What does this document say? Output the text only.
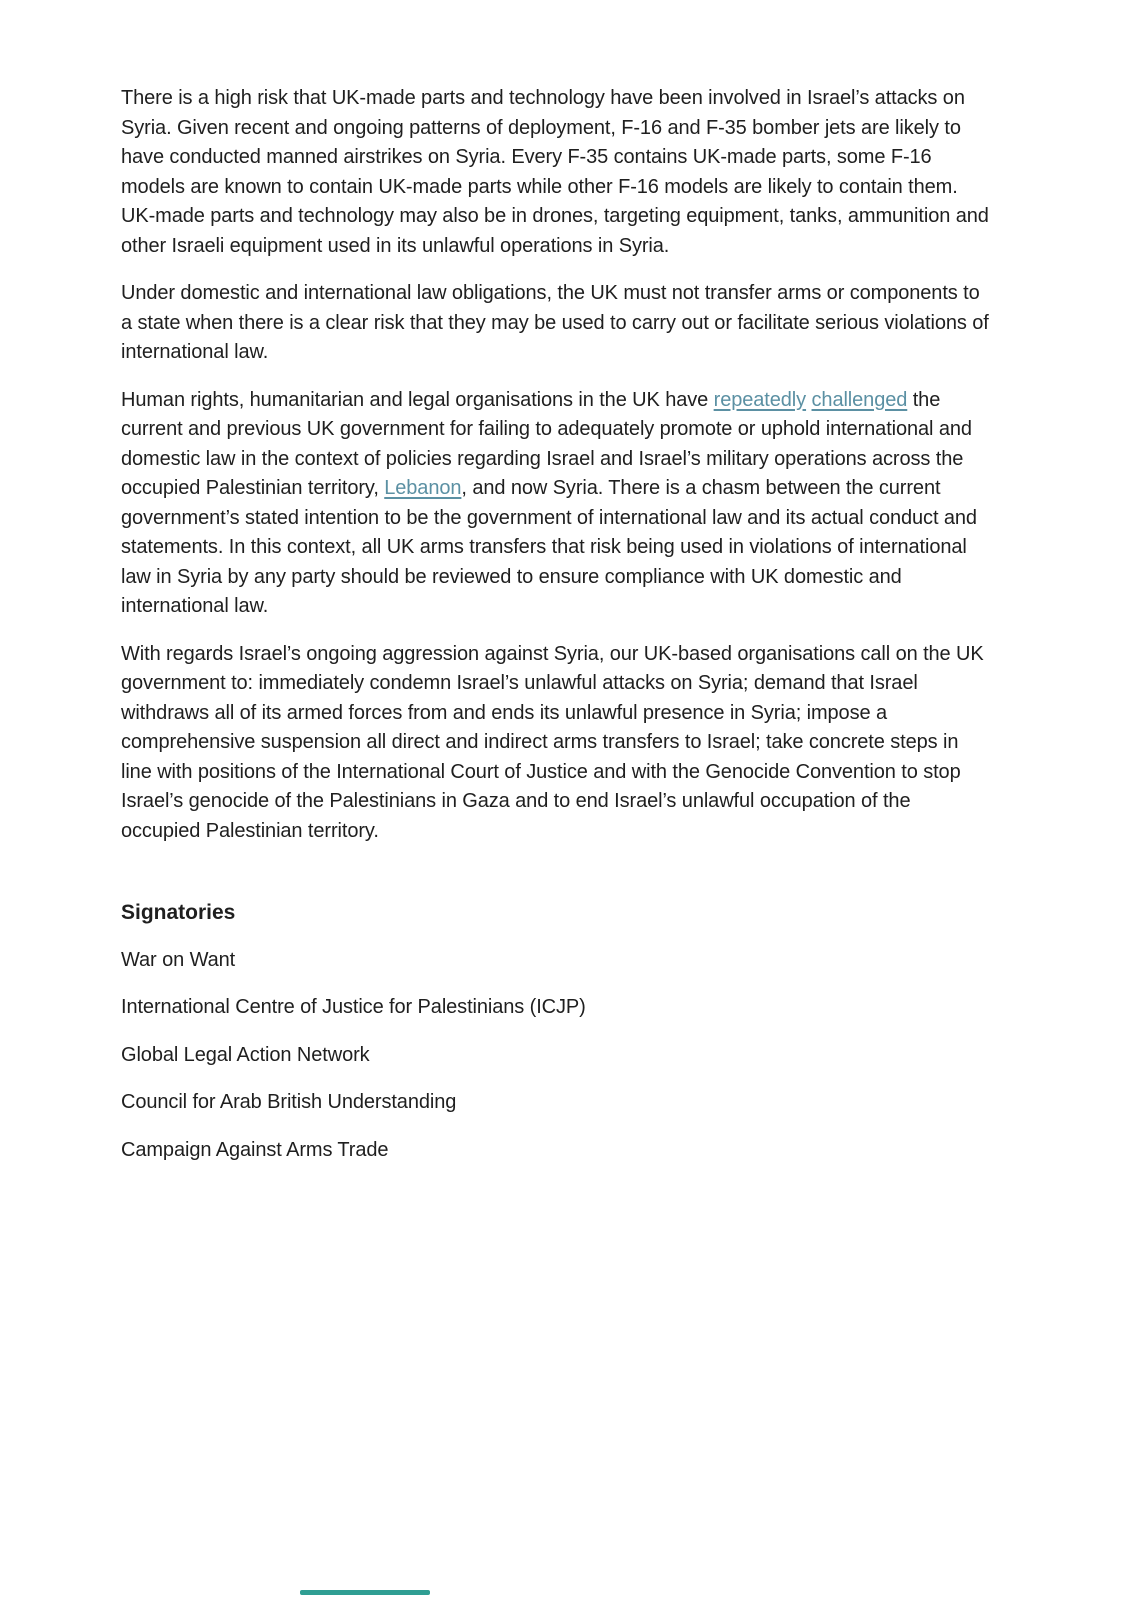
There is a high risk that UK-made parts and technology have been involved in Israel’s attacks on Syria. Given recent and ongoing patterns of deployment, F-16 and F-35 bomber jets are likely to have conducted manned airstrikes on Syria. Every F-35 contains UK-made parts, some F-16 models are known to contain UK-made parts while other F-16 models are likely to contain them. UK-made parts and technology may also be in drones, targeting equipment, tanks, ammunition and other Israeli equipment used in its unlawful operations in Syria.

Under domestic and international law obligations, the UK must not transfer arms or components to a state when there is a clear risk that they may be used to carry out or facilitate serious violations of international law.

Human rights, humanitarian and legal organisations in the UK have repeatedly challenged the current and previous UK government for failing to adequately promote or uphold international and domestic law in the context of policies regarding Israel and Israel’s military operations across the occupied Palestinian territory, Lebanon, and now Syria. There is a chasm between the current government’s stated intention to be the government of international law and its actual conduct and statements. In this context, all UK arms transfers that risk being used in violations of international law in Syria by any party should be reviewed to ensure compliance with UK domestic and international law.

With regards Israel’s ongoing aggression against Syria, our UK-based organisations call on the UK government to: immediately condemn Israel’s unlawful attacks on Syria; demand that Israel withdraws all of its armed forces from and ends its unlawful presence in Syria; impose a comprehensive suspension all direct and indirect arms transfers to Israel; take concrete steps in line with positions of the International Court of Justice and with the Genocide Convention to stop Israel’s genocide of the Palestinians in Gaza and to end Israel’s unlawful occupation of the occupied Palestinian territory.

Signatories

War on Want

International Centre of Justice for Palestinians (ICJP)

Global Legal Action Network

Council for Arab British Understanding

Campaign Against Arms Trade
